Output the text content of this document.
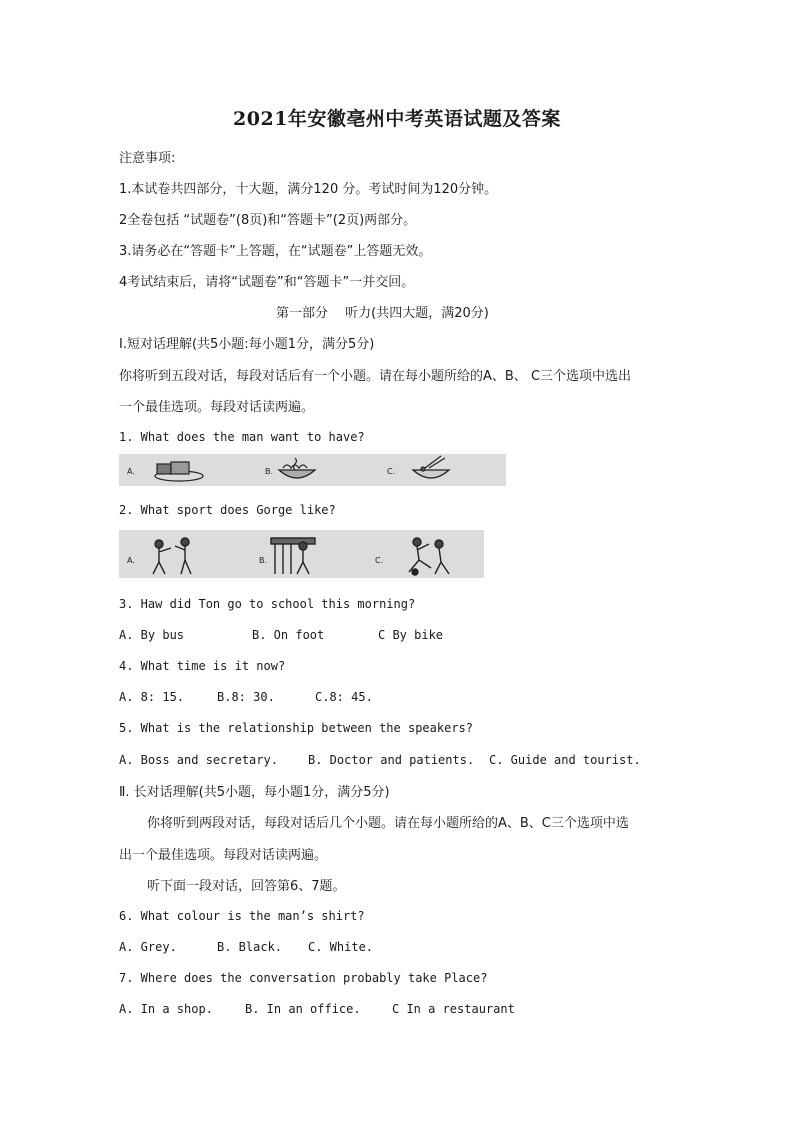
2021年安徽亳州中考英语试题及答案
注意事项:
1.本试卷共四部分，十大题，满分120 分。考试时间为120分钟。
2全卷包括 “试题卷”(8页)和“答题卡”(2页)两部分。
3.请务必在“答题卡”上答题，在“试题卷”上答题无效。
4考试结束后，请将“试题卷”和“答题卡”一并交回。
第一部分　 听力(共四大题，满20分)
Ⅰ.短对话理解(共5小题:每小题1分，满分5分)
你将听到五段对话，每段对话后有一个小题。请在每小题所给的A、B、 C三个选项中选出
一个最佳选项。每段对话读两遍。
1. What does the man want to have?
A.	B.	C.
2. What sport does Gorge like?
A.	B.	C.
3. Haw did Ton go to school this morning?
A. By bus	B. On foot	C By bike
4. What time is it now?
A. 8: 15.	B.8: 30.	C.8: 45.
5. What is the relationship between the speakers?
A. Boss and secretary.	B. Doctor and patients. C. Guide and tourist.
Ⅱ. 长对话理解(共5小题，每小题1分，满分5分)
你将听到两段对话，每段对话后几个小题。请在每小题所给的A、B、C三个选项中选
出一个最佳选项。每段对话读两遍。
听下面一段对话，回答第6、7题。
6. What colour is the man’s shirt?
A. Grey.	B. Black. C. White.
7. Where does the conversation probably take Place?
A. In a shop.	B. In an office.	C In a restaurant
